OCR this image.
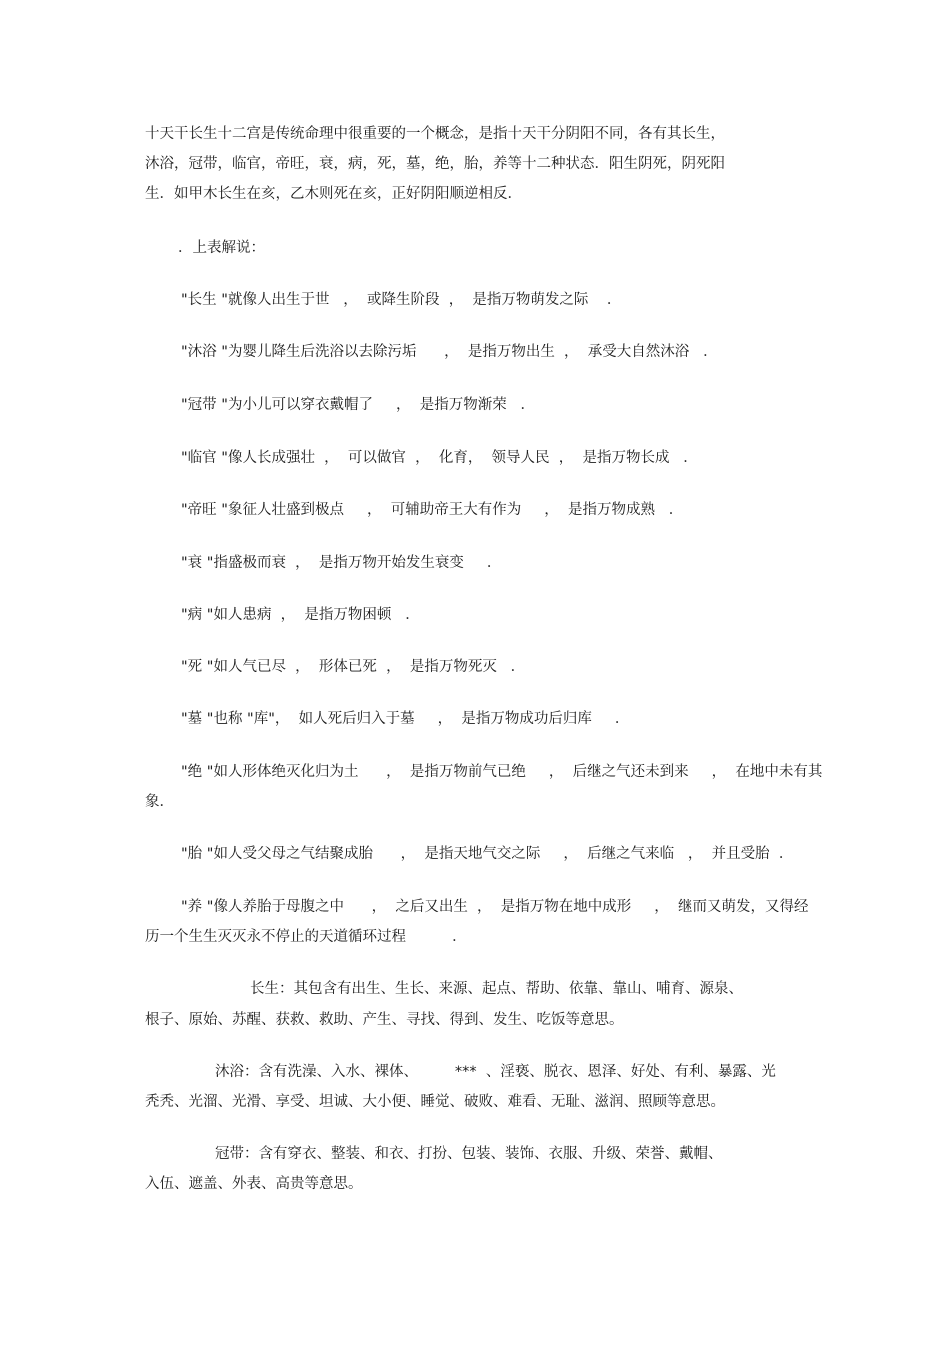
十天干长生十二宫是传统命理中很重要的一个概念，是指十天干分阴阳不同，各有其长生，
沐浴，冠带，临官，帝旺，衰，病，死，墓，绝，胎，养等十二种状态．阳生阴死，阴死阳
生．如甲木长生在亥，乙木则死在亥，正好阴阳顺逆相反．
．上表解说：
"长生 "就像人出生于世   ，  或降生阶段  ，  是指万物萌发之际    ．
"沐浴 "为婴儿降生后洗浴以去除污垢      ，  是指万物出生  ，  承受大自然沐浴   ．
"冠带 "为小儿可以穿衣戴帽了     ，  是指万物渐荣   ．
"临官 "像人长成强壮  ，  可以做官  ，  化育，  领导人民  ，  是指万物长成   ．
"帝旺 "象征人壮盛到极点     ，  可辅助帝王大有作为     ，  是指万物成熟   ．
"衰 "指盛极而衰  ，  是指万物开始发生衰变     ．
"病 "如人患病  ，  是指万物困顿   ．
"死 "如人气已尽  ，  形体已死  ，  是指万物死灭   ．
"墓 "也称 "库"，  如人死后归入于墓     ，  是指万物成功后归库     ．
"绝 "如人形体绝灭化归为土      ，  是指万物前气已绝     ，  后继之气还未到来     ，  在地中未有其
象．
"胎 "如人受父母之气结聚成胎      ，  是指天地气交之际     ，  后继之气来临   ，  并且受胎  ．
"养 "像人养胎于母腹之中      ，  之后又出生  ，  是指万物在地中成形     ，  继而又萌发，又得经
历一个生生灭灭永不停止的天道循环过程          ．
长生：其包含有出生、生长、来源、起点、帮助、依靠、靠山、哺育、源泉、
根子、原始、苏醒、获救、救助、产生、寻找、得到、发生、吃饭等意思。
沐浴：含有洗澡、入水、裸体、        ***  、淫亵、脱衣、恩泽、好处、有利、暴露、光
秃秃、光溜、光滑、享受、坦诚、大小便、睡觉、破败、难看、无耻、滋润、照顾等意思。
冠带：含有穿衣、整装、和衣、打扮、包装、装饰、衣服、升级、荣誉、戴帽、
入伍、遮盖、外表、高贵等意思。
